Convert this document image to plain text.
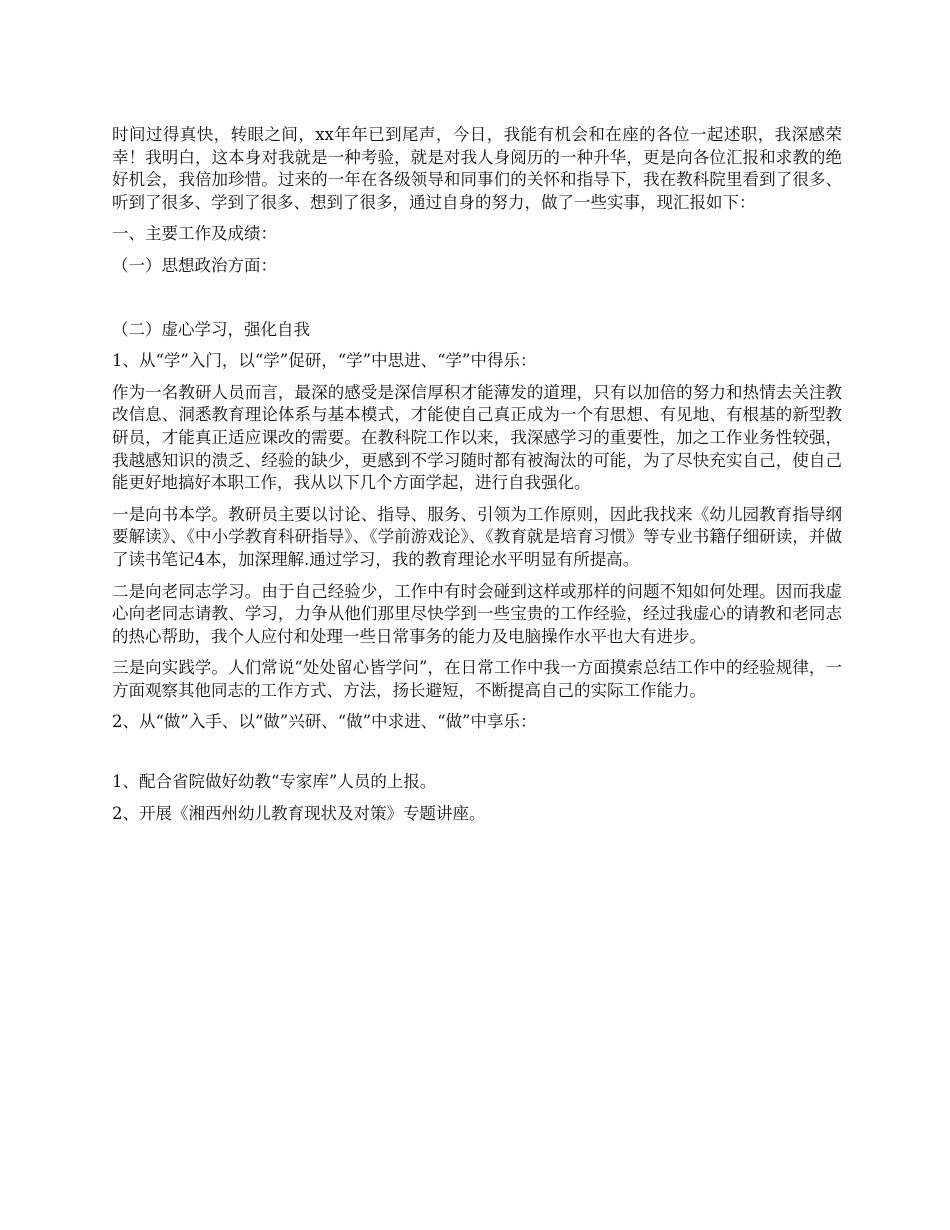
时间过得真快，转眼之间，xx年年已到尾声，今日，我能有机会和在座的各位一起述职，我深感荣幸！我明白，这本身对我就是一种考验，就是对我人身阅历的一种升华，更是向各位汇报和求教的绝好机会，我倍加珍惜。过来的一年在各级领导和同事们的关怀和指导下，我在教科院里看到了很多、听到了很多、学到了很多、想到了很多，通过自身的努力，做了一些实事，现汇报如下：

一、主要工作及成绩：

（一）思想政治方面：

（二）虚心学习，强化自我

1、从“学”入门，以“学”促研，“学”中思进、“学”中得乐：

作为一名教研人员而言，最深的感受是深信厚积才能薄发的道理，只有以加倍的努力和热情去关注教改信息、洞悉教育理论体系与基本模式，才能使自己真正成为一个有思想、有见地、有根基的新型教研员，才能真正适应课改的需要。在教科院工作以来，我深感学习的重要性，加之工作业务性较强，我越感知识的溃乏、经验的缺少，更感到不学习随时都有被淘汰的可能，为了尽快充实自己，使自己能更好地搞好本职工作，我从以下几个方面学起，进行自我强化。

一是向书本学。教研员主要以讨论、指导、服务、引领为工作原则，因此我找来《幼儿园教育指导纲要解读》、《中小学教育科研指导》、《学前游戏论》、《教育就是培育习惯》等专业书籍仔细研读，并做了读书笔记4本，加深理解.通过学习，我的教育理论水平明显有所提高。

二是向老同志学习。由于自己经验少，工作中有时会碰到这样或那样的问题不知如何处理。因而我虚心向老同志请教、学习，力争从他们那里尽快学到一些宝贵的工作经验，经过我虚心的请教和老同志的热心帮助，我个人应付和处理一些日常事务的能力及电脑操作水平也大有进步。

三是向实践学。人们常说“处处留心皆学问”，在日常工作中我一方面摸索总结工作中的经验规律，一方面观察其他同志的工作方式、方法，扬长避短，不断提高自己的实际工作能力。

2、从“做”入手、以“做”兴研、“做”中求进、“做”中享乐：

1、配合省院做好幼教“专家库”人员的上报。

2、开展《湘西州幼儿教育现状及对策》专题讲座。
